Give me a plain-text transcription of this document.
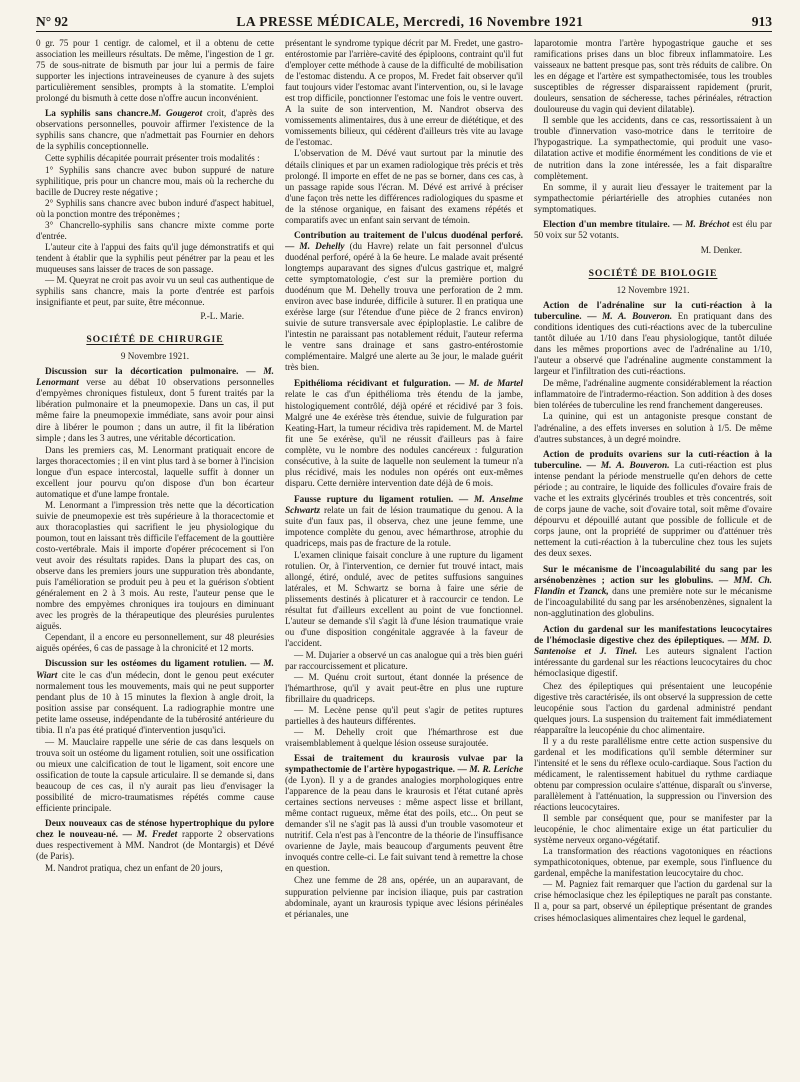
N° 92	LA PRESSE MÉDICALE, Mercredi, 16 Novembre 1921	913

0 gr. 75 pour 1 centigr. de calomel, et il a obtenu de cette association les meilleurs résultats. De même, l'ingestion de 1 gr. 75 de sous-nitrate de bismuth par jour lui a permis de faire supporter les injections intraveineuses de cyanure à des sujets particulièrement sensibles, prompts à la stomatite. L'emploi prolongé du bismuth à cette dose n'offre aucun inconvénient.

La syphilis sans chancre.M. Gougerot croit, d'après des observations personnelles, pouvoir affirmer l'existence de la syphilis sans chancre, que n'admettait pas Fournier en dehors de la syphilis conceptionnelle.

Cette syphilis décapitée pourrait présenter trois modalités :

1° Syphilis sans chancre avec bubon suppuré de nature syphilitique, pris pour un chancre mou, mais où la recherche du bacille de Ducrey reste négative ;

2° Syphilis sans chancre avec bubon induré d'aspect habituel, où la ponction montre des tréponèmes ;

3° Chancrello-syphilis sans chancre mixte comme porte d'entrée.

L'auteur cite à l'appui des faits qu'il juge démonstratifs et qui tendent à établir que la syphilis peut pénétrer par la peau et les muqueuses sans laisser de traces de son passage.

— M. Queyrat ne croit pas avoir vu un seul cas authentique de syphilis sans chancre, mais la porte d'entrée est parfois insignifiante et peut, par suite, être méconnue.

P.-L. Marie.
SOCIÉTÉ DE CHIRURGIE
9 Novembre 1921.
Discussion sur la décortication pulmonaire. — M. Lenormant verse au débat 10 observations personnelles d'empyèmes chroniques fistuleux, dont 5 furent traités par la libération pulmonaire et la pneumopexie. Dans un cas, il put même faire la pneumopexie immédiate, sans avoir pour ainsi dire à libérer le poumon ; dans un autre, il fit la libération simple ; dans les 3 autres, une véritable décortication.

Dans les premiers cas, M. Lenormant pratiquait encore de larges thoracectomies ; il en vint plus tard à se borner à l'incision longue d'un espace intercostal, laquelle suffit à donner un excellent jour pourvu qu'on dispose d'un bon écarteur automatique et d'une lampe frontale.

M. Lenormant a l'impression très nette que la décortication suivie de pneumopexie est très supérieure à la thoracectomie et aux thoracoplasties qui sacrifient le jeu physiologique du poumon, tout en laissant très difficile l'effacement de la gouttière costo-vertébrale. Mais il importe d'opérer précocement si l'on veut avoir des résultats rapides. Dans la plupart des cas, on observe dans les premiers jours une suppuration très abondante, puis l'amélioration se produit peu à peu et la guérison s'obtient généralement en 2 à 3 mois. Au reste, l'auteur pense que le nombre des empyèmes chroniques ira toujours en diminuant avec les progrès de la thérapeutique des pleurésies purulentes aiguës.

Cependant, il a encore eu personnellement, sur 48 pleurésies aiguës opérées, 6 cas de passage à la chronicité et 12 morts.

Discussion sur les ostéomes du ligament rotulien. — M. Wiart cite le cas d'un médecin, dont le genou peut exécuter normalement tous les mouvements, mais qui ne peut supporter pendant plus de 10 à 15 minutes la flexion à angle droit, la position assise par conséquent. La radiographie montre une petite lame osseuse, indépendante de la tubérosité antérieure du tibia. Il n'a pas été pratiqué d'intervention jusqu'ici.

— M. Mauclaire rappelle une série de cas dans lesquels on trouva soit un ostéome du ligament rotulien, soit une ossification ou mieux une calcification de tout le ligament, soit encore une ossification de toute la capsule articulaire. Il se demande si, dans beaucoup de ces cas, il n'y aurait pas lieu d'envisager la possibilité de micro-traumatismes répétés comme cause efficiente principale.

Deux nouveaux cas de sténose hypertrophique du pylore chez le nouveau-né. — M. Fredet rapporte 2 observations dues respectivement à MM. Nandrot (de Montargis) et Dévé (de Paris).

M. Nandrot pratiqua, chez un enfant de 20 jours,

présentant le syndrome typique décrit par M. Fredet, une gastro-entérostomie par l'arrière-cavité des épiploons, contraint qu'il fut d'employer cette méthode à cause de la difficulté de mobilisation de l'estomac distendu. A ce propos, M. Fredet fait observer qu'il faut toujours vider l'estomac avant l'intervention, ou, si le lavage est trop difficile, ponctionner l'estomac une fois le ventre ouvert. A la suite de son intervention, M. Nandrot observa des vomissements alimentaires, dus à une erreur de diététique, et des vomissements bilieux, qui cédèrent d'ailleurs très vite au lavage de l'estomac.

L'observation de M. Dévé vaut surtout par la minutie des détails cliniques et par un examen radiologique très précis et très prolongé. Il importe en effet de ne pas se borner, dans ces cas, à un passage rapide sous l'écran. M. Dévé est arrivé à préciser d'une façon très nette les différences radiologiques du spasme et de la sténose organique, en faisant des examens répétés et comparatifs avec un enfant sain servant de témoin.

Contribution au traitement de l'ulcus duodénal perforé. — M. Dehelly (du Havre) relate un fait personnel d'ulcus duodénal perforé, opéré à la 6e heure. Le malade avait présenté longtemps auparavant des signes d'ulcus gastrique et, malgré cette symptomatologie, c'est sur la première portion du duodénum que M. Dehelly trouva une perforation de 2 mm. environ avec base indurée, difficile à suturer. Il en pratiqua une exérèse large (sur l'étendue d'une pièce de 2 francs environ) suivie de suture transversale avec épiploplastie. Le calibre de l'intestin ne paraissant pas notablement réduit, l'auteur referma le ventre sans drainage et sans gastro-entérostomie complémentaire. Malgré une alerte au 3e jour, le malade guérit très bien.
Epithélioma récidivant et fulguration. — M. de Martel relate le cas d'un épithélioma très étendu de la jambe, histologiquement contrôlé, déjà opéré et récidivé par 3 fois. Malgré une 4e exérèse très étendue, suivie de fulguration par Keating-Hart, la tumeur récidiva très rapidement. M. de Martel fit une 5e exérèse, qu'il ne réussit d'ailleurs pas à faire complète, vu le nombre des nodules cancéreux : fulguration consécutive, à la suite de laquelle non seulement la tumeur n'a plus récidivé, mais les nodules non opérés ont eux-mêmes disparu. Cette dernière intervention date déjà de 6 mois.
Fausse rupture du ligament rotulien. — M. Anselme Schwartz relate un fait de lésion traumatique du genou. A la suite d'un faux pas, il observa, chez une jeune femme, une impotence complète du genou, avec hémarthrose, atrophie du quadriceps, mais pas de fracture de la rotule.

L'examen clinique faisait conclure à une rupture du ligament rotulien. Or, à l'intervention, ce dernier fut trouvé intact, mais allongé, étiré, ondulé, avec de petites suffusions sanguines latérales, et M. Schwartz se borna à faire une série de plissements destinés à plicaturer et à raccourcir ce tendon. Le résultat fut d'ailleurs excellent au point de vue fonctionnel. L'auteur se demande s'il s'agit là d'une lésion traumatique vraie ou d'une disposition congénitale aggravée à la faveur de l'accident.

— M. Dujarier a observé un cas analogue qui a très bien guéri par raccourcissement et plicature.

— M. Quénu croit surtout, étant donnée la présence de l'hémarthrose, qu'il y avait peut-être en plus une rupture fibrillaire du quadriceps.

— M. Lecène pense qu'il peut s'agir de petites ruptures partielles à des hauteurs différentes.

— M. Dehelly croit que l'hémarthrose est due vraisemblablement à quelque lésion osseuse surajoutée.

Essai de traitement du kraurosis vulvae par la sympathectomie de l'artère hypogastrique. — M. R. Leriche (de Lyon). Il y a de grandes analogies morphologiques entre l'apparence de la peau dans le kraurosis et l'état cutané après certaines sections nerveuses : même aspect lisse et brillant, même contact rugueux, même état des poils, etc... On peut se demander s'il ne s'agit pas là aussi d'un trouble vasomoteur et nutritif. Cela n'est pas à l'encontre de la théorie de l'insuffisance ovarienne de Jayle, mais beaucoup d'arguments peuvent être invoqués contre celle-ci. Le fait suivant tend à remettre la chose en question.

Chez une femme de 28 ans, opérée, un an auparavant, de suppuration pelvienne par incision iliaque, puis par castration abdominale, ayant un kraurosis typique avec lésions périnéales et périanales, une

laparotomie montra l'artère hypogastrique gauche et ses ramifications prises dans un bloc fibreux inflammatoire. Les vaisseaux ne battent presque pas, sont très réduits de calibre. On les en dégage et l'artère est sympathectomisée, tous les troubles susceptibles de régresser disparaissent rapidement (prurit, douleurs, sensation de sécheresse, taches périnéales, rétraction douloureuse du vagin qui devient dilatable).

Il semble que les accidents, dans ce cas, ressortissaient à un trouble d'innervation vaso-motrice dans le territoire de l'hypogastrique. La sympathectomie, qui produit une vaso-dilatation active et modifie énormément les conditions de vie et de nutrition dans la zone intéressée, les a fait disparaître complètement.

En somme, il y aurait lieu d'essayer le traitement par la sympathectomie périartérielle des atrophies cutanées non symptomatiques.

Election d'un membre titulaire. — M. Bréchot est élu par 50 voix sur 52 votants.
M. Denker.
SOCIÉTÉ DE BIOLOGIE
12 Novembre 1921.
Action de l'adrénaline sur la cuti-réaction à la tuberculine. — M. A. Bouveron. En pratiquant dans des conditions identiques des cuti-réactions avec de la tuberculine tantôt diluée au 1/10 dans l'eau physiologique, tantôt diluée dans les mêmes proportions avec de l'adrénaline au 1/10, l'auteur a observé que l'adrénaline augmente constamment la largeur et l'infiltration des cuti-réactions.

De même, l'adrénaline augmente considérablement la réaction inflammatoire de l'intradermo-réaction. Son addition à des doses bien tolérées de tuberculine les rend franchement dangereuses.

La quinine, qui est un antagoniste presque constant de l'adrénaline, a des effets inverses en solution à 1/5. De même d'autres substances, à un degré moindre.

Action de produits ovariens sur la cuti-réaction à la tuberculine. — M. A. Bouveron. La cuti-réaction est plus intense pendant la période menstruelle qu'en dehors de cette période ; au contraire, le liquide des follicules d'ovaire frais de vache et les extraits glycérinés troubles et très concentrés, soit de corps jaune de vache, soit d'ovaire total, soit même d'ovaire dépourvu et dépouillé autant que possible de follicule et de corps jaune, ont la propriété de supprimer ou d'atténuer très nettement la cuti-réaction à la tuberculine chez tous les sujets des deux sexes.
Sur le mécanisme de l'incoagulabilité du sang par les arsénobenzènes ; action sur les globulins. — MM. Ch. Flandin et Tzanck, dans une première note sur le mécanisme de l'incoagulabilité du sang par les arsénobenzènes, signalent la non-agglutination des globulins.
Action du gardenal sur les manifestations leucocytaires de l'hémoclasie digestive chez des épileptiques. — MM. D. Santenoise et J. Tinel. Les auteurs signalent l'action intéressante du gardenal sur les réactions leucocytaires du choc hémoclasique digestif.

Chez des épileptiques qui présentaient une leucopénie digestive très caractérisée, ils ont observé la suppression de cette leucopénie sous l'action du gardenal administré pendant quelques jours. La suspension du traitement fait immédiatement réapparaître la leucopénie du choc alimentaire.

Il y a du reste parallélisme entre cette action suspensive du gardenal et les modifications qu'il semble déterminer sur l'intensité et le sens du réflexe oculo-cardiaque. Sous l'action du médicament, le ralentissement habituel du rythme cardiaque obtenu par compression oculaire s'atténue, disparaît ou s'inverse, parallèlement à l'atténuation, la suppression ou l'inversion des réactions leucocytaires.

Il semble par conséquent que, pour se manifester par la leucopénie, le choc alimentaire exige un état particulier du système nerveux organo-végétatif.

La transformation des réactions vagotoniques en réactions sympathicotoniques, obtenue, par exemple, sous l'influence du gardenal, empêche la manifestation leucocytaire du choc.

— M. Pagniez fait remarquer que l'action du gardenal sur la crise hémoclasique chez les épileptiques ne paraît pas constante. Il a, pour sa part, observé un épileptique présentant de grandes crises hémoclasiques alimentaires chez lequel le gardenal,
